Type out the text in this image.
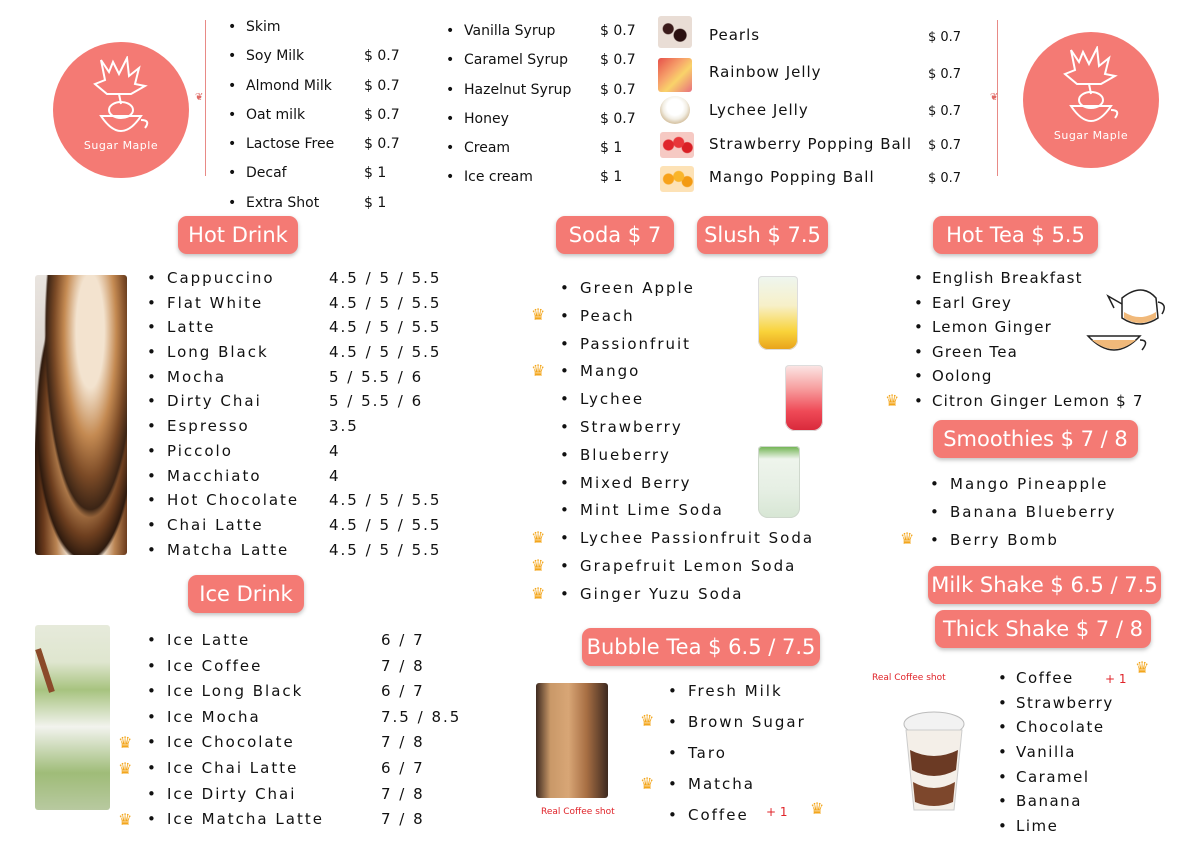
Sugar Maple
Sugar Maple
❦	❦
• Skim
• Soy Milk	$ 0.7
• Almond Milk $ 0.7
• Oat milk	$ 0.7
• Lactose Free $ 0.7
• Decaf	$ 1
• Extra Shot	$ 1
• Vanilla Syrup	$ 0.7
• Caramel Syrup $ 0.7
• Hazelnut Syrup $ 0.7
• Honey	$ 0.7
• Cream	$ 1
• Ice cream	$ 1
Pearls	$ 0.7
Rainbow Jelly	$ 0.7
Lychee Jelly	$ 0.7
Strawberry Popping Ball $ 0.7
Mango Popping Ball	$ 0.7
Hot Drink
• Cappuccino	4.5 / 5 / 5.5
• Flat White	4.5 / 5 / 5.5
• Latte	4.5 / 5 / 5.5
• Long Black	4.5 / 5 / 5.5
• Mocha	5 / 5.5 / 6
• Dirty Chai	5 / 5.5 / 6
• Espresso	3.5
• Piccolo	4
• Macchiato	4
• Hot Chocolate 4.5 / 5 / 5.5
• Chai Latte	4.5 / 5 / 5.5
• Matcha Latte	4.5 / 5 / 5.5
Ice Drink
• Ice Latte	6 / 7
• Ice Coffee	7 / 8
• Ice Long Black	6 / 7
• Ice Mocha	7.5 / 8.5
• Ice Chocolate	7 / 8
• Ice Chai Latte	6 / 7
• Ice Dirty Chai	7 / 8
• Ice Matcha Latte	7 / 8
♛
♛
♛
Soda $ 7	Slush $ 7.5
• Green Apple
• Peach
• Passionfruit
• Mango
• Lychee
• Strawberry
• Blueberry
• Mixed Berry
• Mint Lime Soda
• Lychee Passionfruit Soda
• Grapefruit Lemon Soda
• Ginger Yuzu Soda
♛
♛
♛
♛
♛
Bubble Tea $ 6.5 / 7.5
• Fresh Milk
• Brown Sugar
• Taro
• Matcha
• Coffee
♛
♛
♛
Real Coffee shot	+ 1
Hot Tea $ 5.5
• English Breakfast
• Earl Grey
• Lemon Ginger
• Green Tea
• Oolong
• Citron Ginger Lemon $ 7
♛
Smoothies $ 7 / 8
• Mango Pineapple
• Banana Blueberry
• Berry Bomb
♛
Milk Shake $ 6.5 / 7.5
Thick Shake $ 7 / 8
Real Coffee shot	+ 1
♛
• Coffee
• Strawberry
• Chocolate
• Vanilla
• Caramel
• Banana
• Lime
